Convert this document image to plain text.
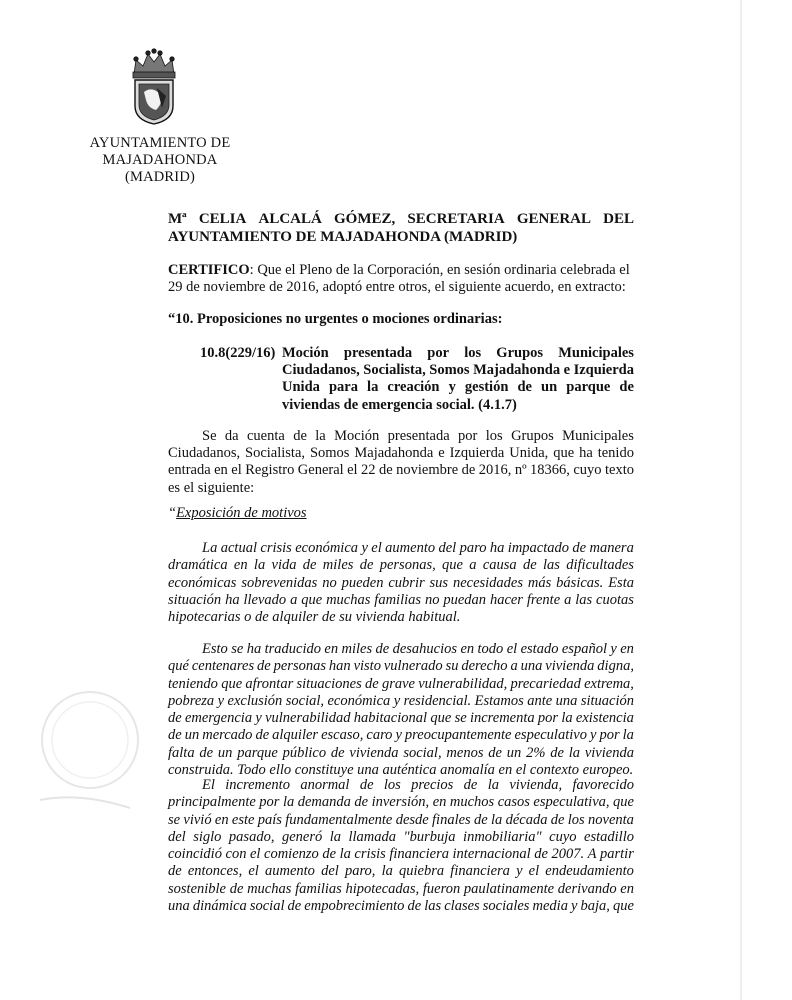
AYUNTAMIENTO DE
MAJADAHONDA
(MADRID)
Mª CELIA ALCALÁ GÓMEZ, SECRETARIA GENERAL DEL
AYUNTAMIENTO DE MAJADAHONDA (MADRID)
CERTIFICO: Que el Pleno de la Corporación, en sesión ordinaria celebrada el
29 de noviembre de 2016, adoptó entre otros, el siguiente acuerdo, en extracto:
“10. Proposiciones no urgentes o mociones ordinarias:
10.8(229/16) Moción presentada por los Grupos Municipales
Ciudadanos, Socialista, Somos Majadahonda e Izquierda
Unida para la creación y gestión de un parque de
viviendas de emergencia social. (4.1.7)
Se da cuenta de la Moción presentada por los Grupos Municipales
Ciudadanos, Socialista, Somos Majadahonda e Izquierda Unida, que ha tenido
entrada en el Registro General el 22 de noviembre de 2016, nº 18366, cuyo texto
es el siguiente:
“Exposición de motivos
La actual crisis económica y el aumento del paro ha impactado de manera
dramática en la vida de miles de personas, que a causa de las dificultades
económicas sobrevenidas no pueden cubrir sus necesidades más básicas. Esta
situación ha llevado a que muchas familias no puedan hacer frente a las cuotas
hipotecarias o de alquiler de su vivienda habitual.
Esto se ha traducido en miles de desahucios en todo el estado español y en
qué centenares de personas han visto vulnerado su derecho a una vivienda digna,
teniendo que afrontar situaciones de grave vulnerabilidad, precariedad extrema,
pobreza y exclusión social, económica y residencial. Estamos ante una situación
de emergencia y vulnerabilidad habitacional que se incrementa por la existencia
de un mercado de alquiler escaso, caro y preocupantemente especulativo y por la
falta de un parque público de vivienda social, menos de un 2% de la vivienda
construida. Todo ello constituye una auténtica anomalía en el contexto europeo.
El incremento anormal de los precios de la vivienda, favorecido
principalmente por la demanda de inversión, en muchos casos especulativa, que
se vivió en este país fundamentalmente desde finales de la década de los noventa
del siglo pasado, generó la llamada "burbuja inmobiliaria" cuyo estadillo
coincidió con el comienzo de la crisis financiera internacional de 2007. A partir
de entonces, el aumento del paro, la quiebra financiera y el endeudamiento
sostenible de muchas familias hipotecadas, fueron paulatinamente derivando en
una dinámica social de empobrecimiento de las clases sociales media y baja, que
